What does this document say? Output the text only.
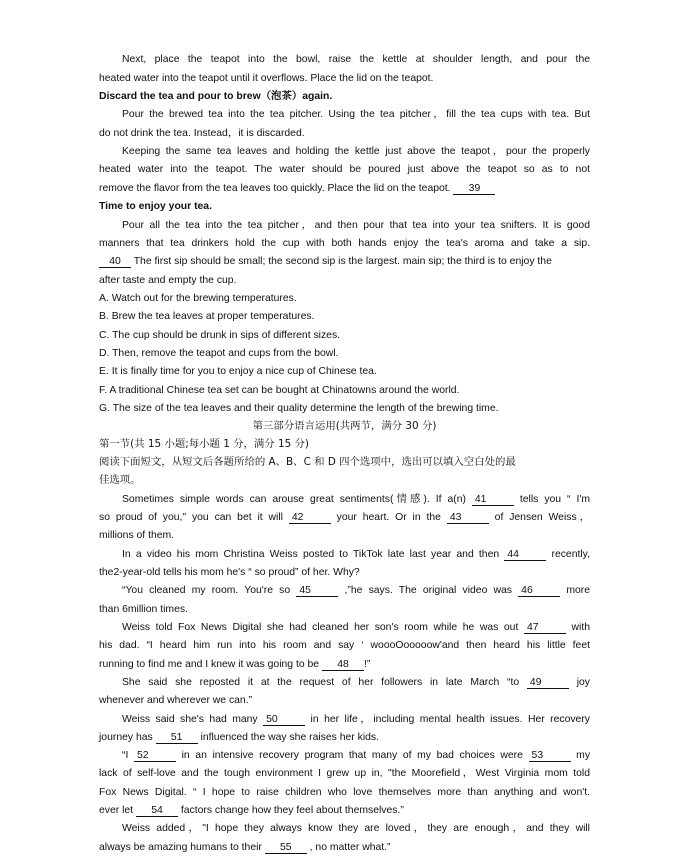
Next, place the teapot into the bowl, raise the kettle at shoulder length, and pour the

heated water into the teapot until it overflows. Place the lid on the teapot.

Discard the tea and pour to brew（泡茶）again.

Pour the brewed tea into the tea pitcher. Using the tea pitcher，fill the tea cups with tea. But

do not drink the tea. Instead，it is discarded.

Keeping the same tea leaves and holding the kettle just above the teapot，pour the properly

heated water into the teapot. The water should be poured just above the teapot so as to not

remove the flavor from the tea leaves too quickly. Place the lid on the teapot. 39

Time to enjoy your tea.

Pour all the tea into the tea pitcher，and then pour that tea into your tea snifters. It is good

manners that tea drinkers hold the cup with both hands enjoy the tea's aroma and take a sip.

40 The first sip should be small; the second sip is the largest. main sip; the third is to enjoy the

after taste and empty the cup.

A. Watch out for the brewing temperatures.

B. Brew the tea leaves at proper temperatures.

C. The cup should be drunk in sips of different sizes.

D. Then, remove the teapot and cups from the bowl.

E. It is finally time for you to enjoy a nice cup of Chinese tea.

F. A traditional Chinese tea set can be bought at Chinatowns around the world.

G. The size of the tea leaves and their quality determine the length of the brewing time.

第三部分语言运用(共两节，满分 30 分)

第一节(共 15 小题;每小题 1 分，满分 15 分)

阅读下面短文，从短文后各题所给的 A、B、C 和 D 四个选项中，选出可以填入空白处的最

佳选项。

Sometimes simple words can arouse great sentiments(情感). If a(n) 41	tells you “ I'm

so proud of you," you can bet it will 42	your heart. Or in the 43	of Jensen Weiss，

millions of them.

In a video his mom Christina Weiss posted to TikTok late last year and then 44	recently,

the2-year-old tells his mom he's “ so proud” of her. Why?

“You cleaned my room. You're so 45	,”he says. The original video was 46	more

than 6million times.

Weiss told Fox News Digital she had cleaned her son's room while he was out 47	with

his dad. “I heard him run into his room and say ‘ woooOooooow'and then heard his little feet

running to find me and I knew it was going to be 48 !”

She said she reposted it at the request of her followers in late March “to 49	joy

whenever and wherever we can.”

Weiss said she's had many 50	in her life，including mental health issues. Her recovery

journey has 51 influenced the way she raises her kids.

“I 52	in an intensive recovery program that many of my bad choices were 53	my

lack of self-love and the tough environment I grew up in, "the Moorefield，West Virginia mom told

Fox News Digital. “ I hope to raise children who love themselves more than anything and won't.

ever let 54 factors change how they feel about themselves.”

Weiss added，"I hope they always know they are loved，they are enough，and they will

always be amazing humans to their 55 , no matter what.”
